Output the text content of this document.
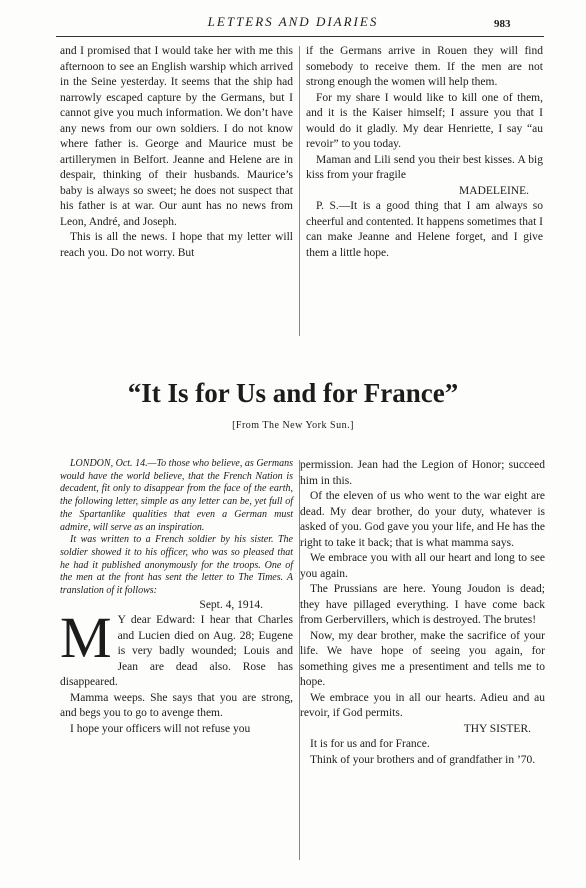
LETTERS AND DIARIES	983

and I promised that I would take her with me this afternoon to see an English warship which arrived in the Seine yesterday. It seems that the ship had narrowly escaped capture by the Germans, but I cannot give you much information. We don’t have any news from our own soldiers. I do not know where father is. George and Maurice must be artillerymen in Belfort. Jeanne and Helene are in despair, thinking of their husbands. Maurice’s baby is always so sweet; he does not suspect that his father is at war. Our aunt has no news from Leon, André, and Joseph.

This is all the news. I hope that my letter will reach you. Do not worry. But

if the Germans arrive in Rouen they will find somebody to receive them. If the men are not strong enough the women will help them.

For my share I would like to kill one of them, and it is the Kaiser himself; I assure you that I would do it gladly. My dear Henriette, I say “au revoir” to you today.

Maman and Lili send you their best kisses. A big kiss from your fragile

MADELEINE.

P. S.—It is a good thing that I am always so cheerful and contented. It happens sometimes that I can make Jeanne and Helene forget, and I give them a little hope.

“It Is for Us and for France”
[From The New York Sun.]

LONDON, Oct. 14.—To those who believe, as Germans would have the world believe, that the French Nation is decadent, fit only to disappear from the face of the earth, the following letter, simple as any letter can be, yet full of the Spartanlike qualities that even a German must admire, will serve as an inspiration.

It was written to a French soldier by his sister. The soldier showed it to his officer, who was so pleased that he had it published anonymously for the troops. One of the men at the front has sent the letter to The Times. A translation of it follows:

Sept. 4, 1914.

M Y dear Edward: I hear that Charles and Lucien died on Aug. 28; Eugene is very badly wounded; Louis and Jean are dead also. Rose has disappeared.

Mamma weeps. She says that you are strong, and begs you to go to avenge them.

I hope your officers will not refuse you

permission. Jean had the Legion of Honor; succeed him in this.

Of the eleven of us who went to the war eight are dead. My dear brother, do your duty, whatever is asked of you. God gave you your life, and He has the right to take it back; that is what mamma says.

We embrace you with all our heart and long to see you again.

The Prussians are here. Young Joudon is dead; they have pillaged everything. I have come back from Gerbervillers, which is destroyed. The brutes!

Now, my dear brother, make the sacrifice of your life. We have hope of seeing you again, for something gives me a presentiment and tells me to hope.

We embrace you in all our hearts. Adieu and au revoir, if God permits.

THY SISTER.

It is for us and for France.

Think of your brothers and of grandfather in ’70.
